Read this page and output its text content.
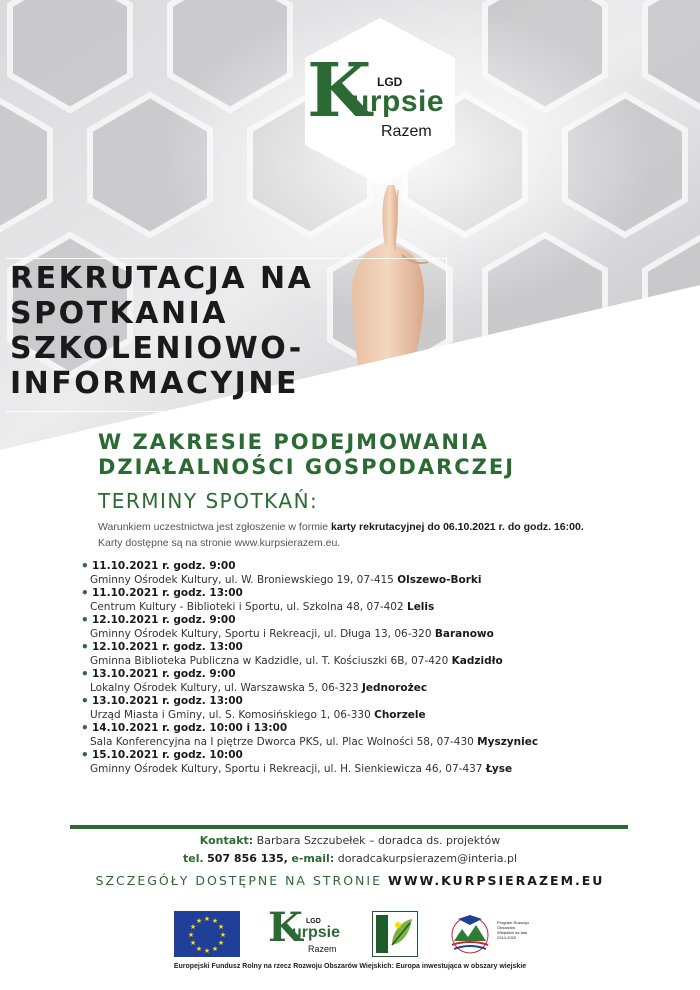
K LGD
urpsie
Razem
REKRUTACJA NA
SPOTKANIA
SZKOLENIOWO-
INFORMACYJNE
W ZAKRESIE PODEJMOWANIA
DZIAŁALNOŚCI GOSPODARCZEJ
TERMINY SPOTKAŃ:
Warunkiem uczestnictwa jest zgłoszenie w formie karty rekrutacyjnej do 06.10.2021 r. do godz. 16:00.
Karty dostępne są na stronie www.kurpsierazem.eu.
• 11.10.2021 r. godz. 9:00
Gminny Ośrodek Kultury, ul. W. Broniewskiego 19, 07-415 Olszewo-Borki
• 11.10.2021 r. godz. 13:00
Centrum Kultury - Biblioteki i Sportu, ul. Szkolna 48, 07-402 Lelis
• 12.10.2021 r. godz. 9:00
Gminny Ośrodek Kultury, Sportu i Rekreacji, ul. Długa 13, 06-320 Baranowo
• 12.10.2021 r. godz. 13:00
Gminna Biblioteka Publiczna w Kadzidle, ul. T. Kościuszki 6B, 07-420 Kadzidło
• 13.10.2021 r. godz. 9:00
Lokalny Ośrodek Kultury, ul. Warszawska 5, 06-323 Jednorożec
• 13.10.2021 r. godz. 13:00
Urząd Miasta i Gminy, ul. S. Komosińskiego 1, 06-330 Chorzele
• 14.10.2021 r. godz. 10:00 i 13:00
Sala Konferencyjna na I piętrze Dworca PKS, ul. Plac Wolności 58, 07-430 Myszyniec
• 15.10.2021 r. godz. 10:00
Gminny Ośrodek Kultury, Sportu i Rekreacji, ul. H. Sienkiewicza 46, 07-437 Łyse
Kontakt: Barbara Szczubełek – doradca ds. projektów
tel. 507 856 135, e-mail: doradcakurpsierazem@interia.pl
SZCZEGÓŁY DOSTĘPNE NA STRONIE WWW.KURPSIERAZEM.EU
★ ★
★
★
★
★
★
★
★
★
★
★ K LGD
urpsie
Razem
Program Rozwoju Obszarów Wiejskich na lata 2014-2020
Europejski Fundusz Rolny na rzecz Rozwoju Obszarów Wiejskich: Europa inwestująca w obszary wiejskie
